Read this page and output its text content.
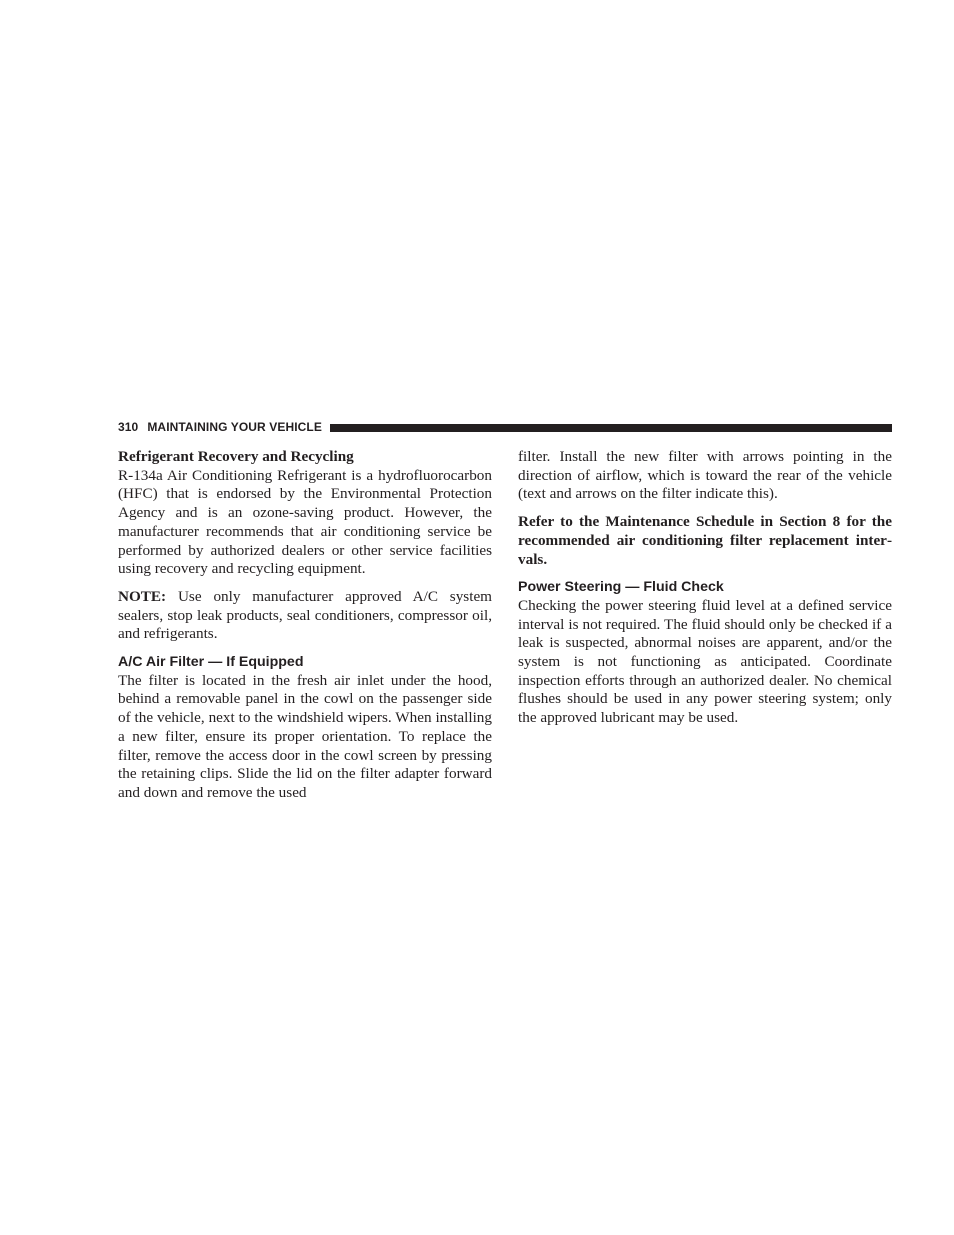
310 MAINTAINING YOUR VEHICLE
Refrigerant Recovery and Recycling

R-134a Air Conditioning Refrigerant is a hydrofluorocarbon (HFC) that is endorsed by the Environmental Protection Agency and is an ozone-saving product. However, the manufacturer recommends that air conditioning service be performed by authorized dealers or other service facilities using recovery and recycling equipment.

NOTE: Use only manufacturer approved A/C system sealers, stop leak products, seal conditioners, compressor oil, and refrigerants.

A/C Air Filter — If Equipped

The filter is located in the fresh air inlet under the hood, behind a removable panel in the cowl on the passenger side of the vehicle, next to the windshield wipers. When installing a new filter, ensure its proper orientation. To replace the filter, remove the access door in the cowl screen by pressing the retaining clips. Slide the lid on the filter adapter forward and down and remove the used

filter. Install the new filter with arrows pointing in the direction of airflow, which is toward the rear of the vehicle (text and arrows on the filter indicate this).

Refer to the Maintenance Schedule in Section 8 for the recommended air conditioning filter replacement intervals.

Power Steering — Fluid Check

Checking the power steering fluid level at a defined service interval is not required. The fluid should only be checked if a leak is suspected, abnormal noises are apparent, and/or the system is not functioning as anticipated. Coordinate inspection efforts through an authorized dealer. No chemical flushes should be used in any power steering system; only the approved lubricant may be used.
